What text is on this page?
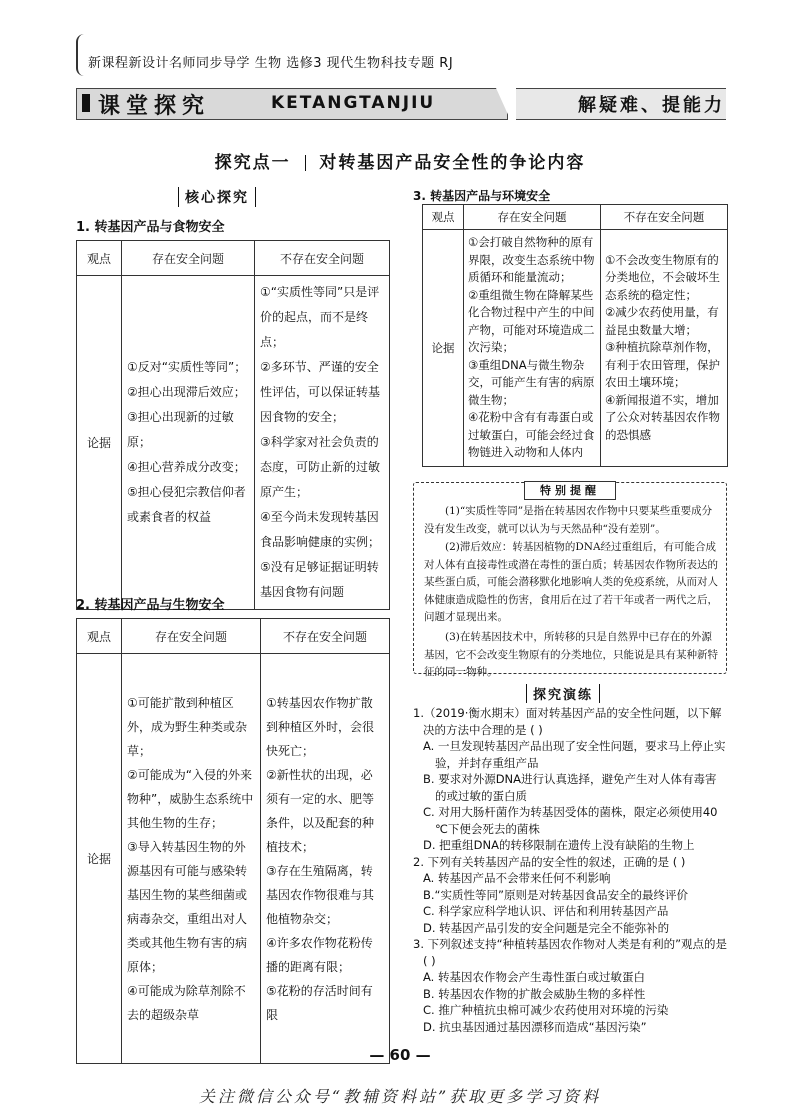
新课程新设计名师同步导学 生物 选修3 现代生物科技专题 RJ
课堂探究	KETANGTANJIU	解疑难、提能力
探究点一 对转基因产品安全性的争论内容
核心探究
1. 转基因产品与食物安全
观点	存在安全问题	不存在安全问题
论据	①反对“实质性等同”；
②担心出现滞后效应；
③担心出现新的过敏原；
④担心营养成分改变；
⑤担心侵犯宗教信仰者或素食者的权益	①“实质性等同”只是评价的起点，而不是终点；
②多环节、严谨的安全性评估，可以保证转基因食物的安全；
③科学家对社会负责的态度，可防止新的过敏原产生；
④至今尚未发现转基因食品影响健康的实例；
⑤没有足够证据证明转基因食物有问题
2. 转基因产品与生物安全
观点	存在安全问题	不存在安全问题
论据	①可能扩散到种植区外，成为野生种类或杂草；
②可能成为“入侵的外来物种”，威胁生态系统中其他生物的生存；
③导入转基因生物的外源基因有可能与感染转基因生物的某些细菌或病毒杂交，重组出对人类或其他生物有害的病原体；
④可能成为除草剂除不去的超级杂草	①转基因农作物扩散到种植区外时，会很快死亡；
②新性状的出现，必须有一定的水、肥等条件，以及配套的种植技术；
③存在生殖隔离，转基因农作物很难与其他植物杂交；
④许多农作物花粉传播的距离有限；
⑤花粉的存活时间有限
3. 转基因产品与环境安全
观点	存在安全问题	不存在安全问题
论据	①会打破自然物种的原有界限，改变生态系统中物质循环和能量流动；
②重组微生物在降解某些化合物过程中产生的中间产物，可能对环境造成二次污染；
③重组DNA与微生物杂交，可能产生有害的病原微生物；
④花粉中含有有毒蛋白或过敏蛋白，可能会经过食物链进入动物和人体内	①不会改变生物原有的分类地位，不会破坏生态系统的稳定性；
②减少农药使用量，有益昆虫数量大增；
③种植抗除草剂作物，有利于农田管理，保护农田土壤环境；
④新闻报道不实，增加了公众对转基因农作物的恐惧感
特别提醒
(1)“实质性等同”是指在转基因农作物中只要某些重要成分没有发生改变，就可以认为与天然品种“没有差别”。
(2)滞后效应：转基因植物的DNA经过重组后，有可能合成对人体有直接毒性或潜在毒性的蛋白质；转基因农作物所表达的某些蛋白质，可能会潜移默化地影响人类的免疫系统，从而对人体健康造成隐性的伤害，食用后在过了若干年或者一两代之后，问题才显现出来。
(3)在转基因技术中，所转移的只是自然界中已存在的外源基因，它不会改变生物原有的分类地位，只能说是具有某种新特征的同一物种。
探究演练
1.（2019·衡水期末）面对转基因产品的安全性问题，以下解决的方法中合理的是 ( )
A. 一旦发现转基因产品出现了安全性问题，要求马上停止实验，并封存重组产品
B. 要求对外源DNA进行认真选择，避免产生对人体有毒害的或过敏的蛋白质
C. 对用大肠杆菌作为转基因受体的菌株，限定必须使用40 ℃下便会死去的菌株
D. 把重组DNA的转移限制在遗传上没有缺陷的生物上
2. 下列有关转基因产品的安全性的叙述，正确的是 ( )
A. 转基因产品不会带来任何不利影响
B.“实质性等同”原则是对转基因食品安全的最终评价
C. 科学家应科学地认识、评估和利用转基因产品
D. 转基因产品引发的安全问题是完全不能弥补的
3. 下列叙述支持“种植转基因农作物对人类是有利的”观点的是 ( )
A. 转基因农作物会产生毒性蛋白或过敏蛋白
B. 转基因农作物的扩散会威胁生物的多样性
C. 推广种植抗虫棉可减少农药使用对环境的污染
D. 抗虫基因通过基因漂移而造成“基因污染”
— 60 —
关注微信公众号“教辅资料站”获取更多学习资料
